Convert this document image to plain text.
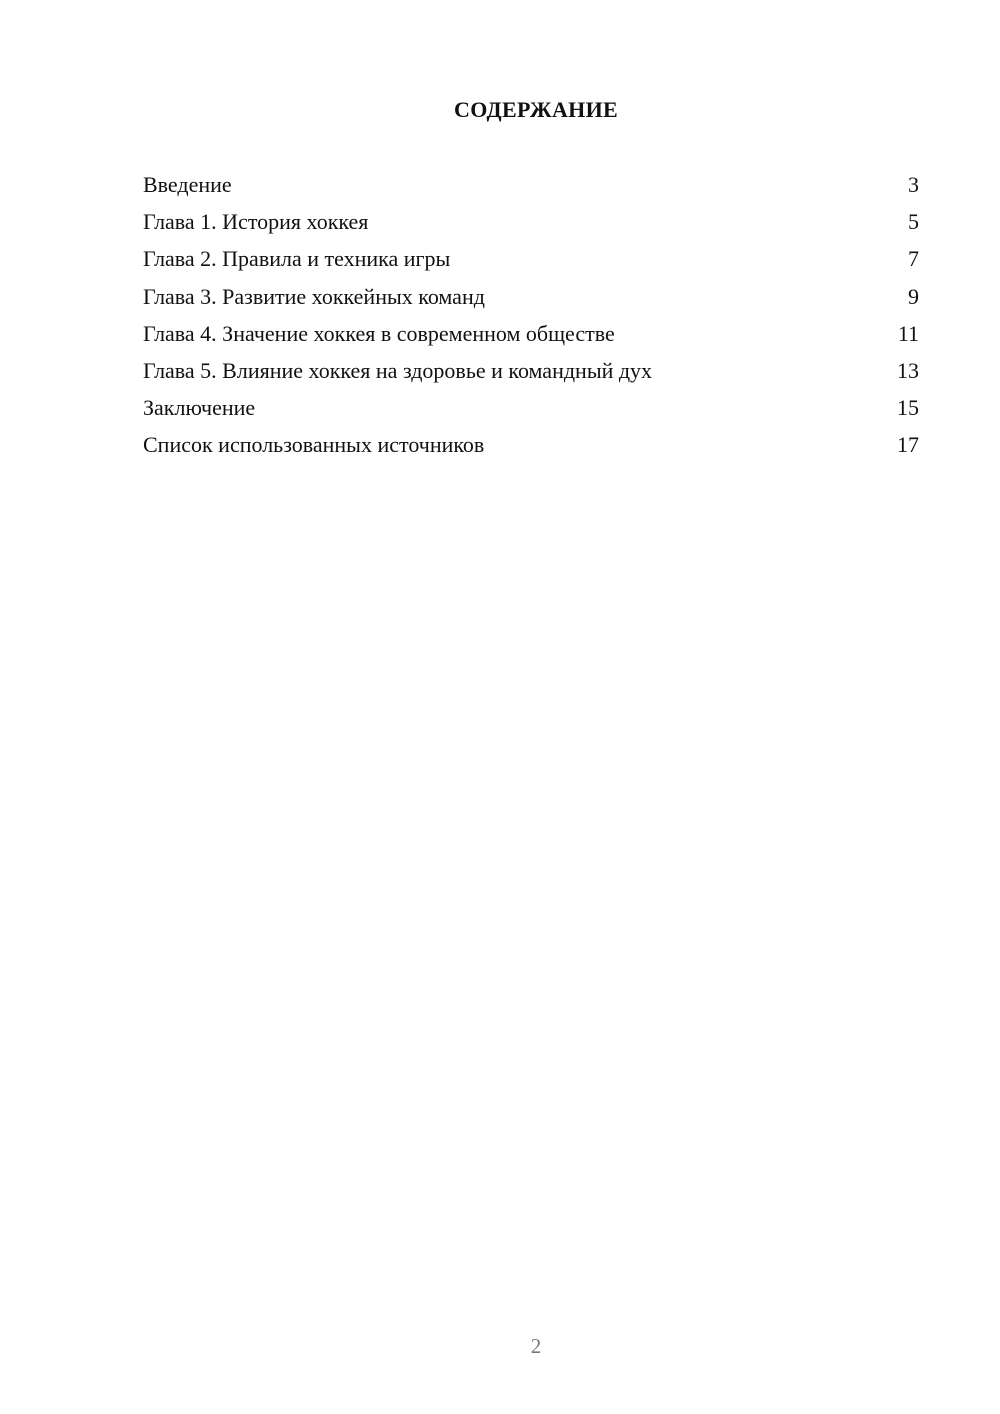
СОДЕРЖАНИЕ
Введение	3
Глава 1. История хоккея	5
Глава 2. Правила и техника игры	7
Глава 3. Развитие хоккейных команд	9
Глава 4. Значение хоккея в современном обществе	11
Глава 5. Влияние хоккея на здоровье и командный дух	13
Заключение	15
Список использованных источников	17
2
